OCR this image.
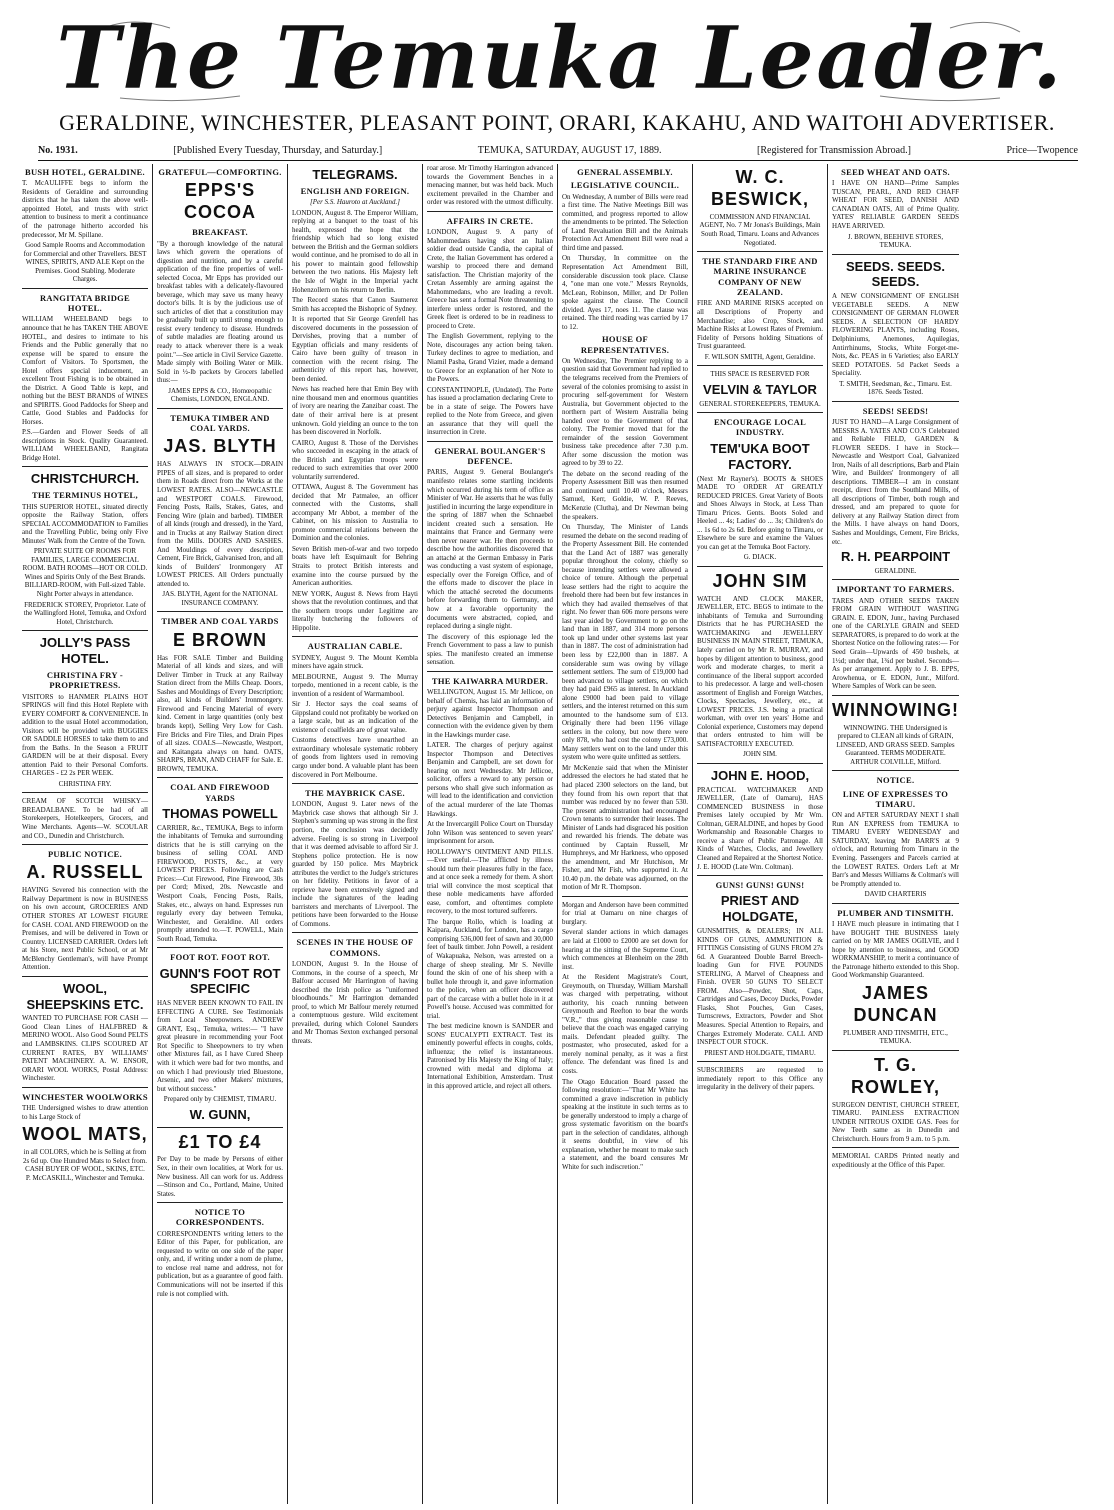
The Temuka Leader.
GERALDINE, WINCHESTER, PLEASANT POINT, ORARI, KAKAHU, AND WAITOHI ADVERTISER.
No. 1931.	[Published Every Tuesday, Thursday, and Saturday.]	TEMUKA, SATURDAY, AUGUST 17, 1889.	[Registered for Transmission Abroad.]	Price—Twopence
BUSH HOTEL, GERALDINE.

T. McAULIFFE begs to inform the Residents of Geraldine and surrounding districts that he has taken the above well-appointed Hotel, and trusts with strict attention to business to merit a continuance of the patronage hitherto accorded his predecessor, Mr M. Spillane.

Good Sample Rooms and Accommodation for Commercial and other Travellers. BEST WINES, SPIRITS, AND ALE Kept on the Premises. Good Stabling. Moderate Charges.

RANGITATA BRIDGE HOTEL.

WILLIAM WHEELBAND begs to announce that he has TAKEN THE ABOVE HOTEL, and desires to intimate to his Friends and the Public generally that no expense will be spared to ensure the Comfort of Visitors. To Sportsmen, the Hotel offers special inducement, an excellent Trout Fishing is to be obtained in the District. A Good Table is kept, and nothing but the BEST BRANDS of WINES and SPIRITS. Good Paddocks for Sheep and Cattle, Good Stables and Paddocks for Horses.

P.S.—Garden and Flower Seeds of all descriptions in Stock. Quality Guaranteed. WILLIAM WHEELBAND, Rangitata Bridge Hotel.

CHRISTCHURCH.
THE TERMINUS HOTEL,

THIS SUPERIOR HOTEL, situated directly opposite the Railway Station, offers SPECIAL ACCOMMODATION to Families and the Travelling Public, being only Five Minutes' Walk from the Centre of the Town.

PRIVATE SUITE OF ROOMS FOR FAMILIES, LARGE COMMERCIAL ROOM. BATH ROOMS—HOT OR COLD. Wines and Spirits Only of the Best Brands. BILLIARD-ROOM, with Full-sized Table. Night Porter always in attendance.

FREDERICK STOREY, Proprietor. Late of the Wallingford Hotel, Temuka, and Oxford Hotel, Christchurch.

JOLLY'S PASS HOTEL.
CHRISTINA FRY - PROPRIETRESS.

VISITORS to HANMER PLAINS HOT SPRINGS will find this Hotel Replete with EVERY COMFORT & CONVENIENCE. In addition to the usual Hotel accommodation, Visitors will be provided with BUGGIES OR SADDLE HORSES to take them to and from the Baths. In the Season a FRUIT GARDEN will be at their disposal. Every attention Paid to their Personal Comforts. CHARGES - £2 2s PER WEEK.

CHRISTINA FRY.

CREAM OF SCOTCH WHISKY—BREADALBANE. To be had of all Storekeepers, Hotelkeepers, Grocers, and Wine Merchants. Agents—W. SCOULAR and CO., Dunedin and Christchurch.

PUBLIC NOTICE.
A. RUSSELL

HAVING Severed his connection with the Railway Department is now in BUSINESS on his own account, GROCERIES AND OTHER STORES AT LOWEST FIGURE for CASH. COAL AND FIREWOOD on the Premises, and will be delivered in Town or Country. LICENSED CARRIER. Orders left at his Store, next Public School, or at Mr McBlenchy Gentleman's, will have Prompt Attention.

WOOL, SHEEPSKINS ETC.

WANTED TO PURCHASE FOR CASH — Good Clean Lines of HALFBRED & MERINO WOOL. Also Good Sound PELTS and LAMBSKINS. CLIPS SCOURED AT CURRENT RATES, BY WILLIAMS' PATENT MACHINERY. A. W. ENSOR, ORARI WOOL WORKS, Postal Address: Winchester.

WINCHESTER WOOLWORKS

THE Undersigned wishes to draw attention to his Large Stock of

WOOL MATS,

in all COLORS, which he is Selling at from 2s 6d up. One Hundred Mats to Select from. CASH BUYER OF WOOL, SKINS, ETC. P. McCASKILL, Winchester and Temuka.

GRATEFUL—COMFORTING.
EPPS'S COCOA
BREAKFAST.

"By a thorough knowledge of the natural laws which govern the operations of digestion and nutrition, and by a careful application of the fine properties of well-selected Cocoa, Mr Epps has provided our breakfast tables with a delicately-flavoured beverage, which may save us many heavy doctor's bills. It is by the judicious use of such articles of diet that a constitution may be gradually built up until strong enough to resist every tendency to disease. Hundreds of subtle maladies are floating around us ready to attack wherever there is a weak point."—See article in Civil Service Gazette. Made simply with Boiling Water or Milk. Sold in ½-lb packets by Grocers labelled thus:—

JAMES EPPS & CO., Homœopathic Chemists, LONDON, ENGLAND.

TEMUKA TIMBER AND COAL YARDS.
JAS. BLYTH

HAS ALWAYS IN STOCK—DRAIN PIPES of all sizes, and is prepared to order them in Roads direct from the Works at the LOWEST RATES. ALSO—NEWCASTLE and WESTPORT COALS. Firewood, Fencing Posts, Rails, Stakes, Gates, and Fencing Wire (plain and barbed). TIMBER of all kinds (rough and dressed), in the Yard, and in Trucks at any Railway Station direct from the Mills. DOORS AND SASHES. And Mouldings of every description, Cement, Fire Brick, Galvanised Iron, and all kinds of Builders' Ironmongery AT LOWEST PRICES. All Orders punctually attended to.

JAS. BLYTH, Agent for the NATIONAL INSURANCE COMPANY.

TIMBER AND COAL YARDS
E BROWN

Has FOR SALE Timber and Building Material of all kinds and sizes, and will Deliver Timber in Truck at any Railway Station direct from the Mills Cheap. Doors, Sashes and Mouldings of Every Description; also, all kinds of Builders' Ironmongery. Firewood and Fencing Material of every kind. Cement in large quantities (only best brands kept), Selling Very Low for Cash. Fire Bricks and Fire Tiles, and Drain Pipes of all sizes. COALS—Newcastle, Westport, and Kaitangata always on hand. OATS, SHARPS, BRAN, AND CHAFF for Sale. E. BROWN, TEMUKA.

COAL AND FIREWOOD YARDS
THOMAS POWELL

CARRIER, &c., TEMUKA, Begs to inform the inhabitants of Temuka and surrounding districts that he is still carrying on the business of selling COAL AND FIREWOOD, POSTS, &c., at very LOWEST PRICES. Following are Cash Prices:—Cut Firewood, Pine Firewood, 30s per Cord; Mixed, 20s. Newcastle and Westport Coals, Fencing Posts, Rails, Stakes, etc., always on hand. Expresses run regularly every day between Temuka, Winchester, and Geraldine. All orders promptly attended to.—T. POWELL, Main South Road, Temuka.

FOOT ROT. FOOT ROT.
GUNN'S FOOT ROT SPECIFIC

HAS NEVER BEEN KNOWN TO FAIL IN EFFECTING A CURE. See Testimonials from Local Sheepowners. ANDREW GRANT, Esq., Temuka, writes:— "I have great pleasure in recommending your Foot Rot Specific to Sheepowners to try when other Mixtures fail, as I have Cured Sheep with it which were bad for two months, and on which I had previously tried Bluestone, Arsenic, and two other Makers' mixtures, but without success."

Prepared only by CHEMIST, TIMARU.

W. GUNN,
£1 TO £4

Per Day to be made by Persons of either Sex, in their own localities, at Work for us. New business. All can work for us. Address—Stinson and Co., Portland, Maine, United States.

NOTICE TO CORRESPONDENTS.

CORRESPONDENTS writing letters to the Editor of this Paper, for publication, are requested to write on one side of the paper only, and, if writing under a nom de plume, to enclose real name and address, not for publication, but as a guarantee of good faith. Communications will not be inserted if this rule is not complied with.

TELEGRAMS.
ENGLISH AND FOREIGN.

[Per S.S. Hauroto at Auckland.]

LONDON, August 8. The Emperor William, replying at a banquet to the toast of his health, expressed the hope that the friendship which had so long existed between the British and the German soldiers would continue, and he promised to do all in his power to maintain good fellowship between the two nations. His Majesty left the Isle of Wight in the Imperial yacht Hohenzollern on his return to Berlin.

The Record states that Canon Saumerez Smith has accepted the Bishopric of Sydney.

It is reported that Sir George Grenfell has discovered documents in the possession of Dervishes, proving that a number of Egyptian officials and many residents of Cairo have been guilty of treason in connection with the recent rising. The authenticity of this report has, however, been denied.

News has reached here that Emin Bey with nine thousand men and enormous quantities of ivory are nearing the Zanzibar coast. The date of their arrival here is at present unknown. Gold yielding an ounce to the ton has been discovered in Norfolk.

CAIRO, August 8. Those of the Dervishes who succeeded in escaping in the attack of the British and Egyptian troops were reduced to such extremities that over 2000 voluntarily surrendered.

OTTAWA, August 8. The Government has decided that Mr Patmalee, an officer connected with the Customs, shall accompany Mr Abbot, a member of the Cabinet, on his mission to Australia to promote commercial relations between the Dominion and the colonies.

Seven British men-of-war and two torpedo boats have left Esquimault for Behring Straits to protect British interests and examine into the course pursued by the American authorities.

NEW YORK, August 8. News from Hayti shows that the revolution continues, and that the southern troops under Legitime are literally butchering the followers of Hippolite.

AUSTRALIAN CABLE.

SYDNEY, August 9. The Mount Kembla miners have again struck.

MELBOURNE, August 9. The Murray torpedo, mentioned in a recent cable, is the invention of a resident of Warrnambool.

Sir J. Hector says the coal seams of Gippsland could not profitably be worked on a large scale, but as an indication of the existence of coalfields are of great value.

Customs detectives have unearthed an extraordinary wholesale systematic robbery of goods from lighters used in removing cargo under bond. A valuable plant has been discovered in Port Melbourne.

THE MAYBRICK CASE.

LONDON, August 9. Later news of the Maybrick case shows that although Sir J. Stephen's summing up was strong in the first portion, the conclusion was decidedly adverse. Feeling is so strong in Liverpool that it was deemed advisable to afford Sir J. Stephens police protection. He is now guarded by 150 police. Mrs Maybrick attributes the verdict to the Judge's strictures on her fidelity. Petitions in favor of a reprieve have been extensively signed and include the signatures of the leading barristers and merchants of Liverpool. The petitions have been forwarded to the House of Commons.

SCENES IN THE HOUSE OF COMMONS.

LONDON, August 9. In the House of Commons, in the course of a speech, Mr Balfour accused Mr Harrington of having described the Irish police as "uniformed bloodhounds." Mr Harrington demanded proof, to which Mr Balfour merely returned a contemptuous gesture. Wild excitement prevailed, during which Colonel Saunders and Mr Thomas Sexton exchanged personal threats.

roar arose. Mr Timothy Harrington advanced towards the Government Benches in a menacing manner, but was held back. Much excitement prevailed in the Chamber and order was restored with the utmost difficulty.

AFFAIRS IN CRETE.

LONDON, August 9. A party of Mahommedans having shot an Italian soldier dead outside Candia, the capital of Crete, the Italian Government has ordered a warship to proceed there and demand satisfaction. The Christian majority of the Cretan Assembly are arming against the Mahommedans, who are leading a revolt. Greece has sent a formal Note threatening to interfere unless order is restored, and the Greek fleet is ordered to be in readiness to proceed to Crete.

The English Government, replying to the Note, discourages any action being taken. Turkey declines to agree to mediation, and Niamil Pasha, Grand Vizier, made a demand to Greece for an explanation of her Note to the Powers.

CONSTANTINOPLE, (Undated). The Porte has issued a proclamation declaring Crete to be in a state of seige. The Powers have replied to the Note from Greece, and given an assurance that they will quell the insurrection in Crete.

GENERAL BOULANGER'S DEFENCE.

PARIS, August 9. General Boulanger's manifesto relates some startling incidents which occurred during his term of office as Minister of War. He asserts that he was fully justified in incurring the large expenditure in the spring of 1887 when the Schnaebel incident created such a sensation. He maintains that France and Germany were then never nearer war. He then proceeds to describe how the authorities discovered that an attaché at the German Embassy in Paris was conducting a vast system of espionage, especially over the Foreign Office, and of the efforts made to discover the place in which the attaché secreted the documents before forwarding them to Germany, and how at a favorable opportunity the documents were abstracted, copied, and replaced during a single night.

The discovery of this espionage led the French Government to pass a law to punish spies. The manifesto created an immense sensation.

THE KAIWARRA MURDER.

WELLINGTON, August 15. Mr Jellicoe, on behalf of Chemis, has laid an information of perjury against Inspector Thompson and Detectives Benjamin and Campbell, in connection with the evidence given by them in the Hawkings murder case.

LATER. The charges of perjury against Inspector Thompson and Detectives Benjamin and Campbell, are set down for hearing on next Wednesday. Mr Jellicoe, solicitor, offers a reward to any person or persons who shall give such information as will lead to the identification and conviction of the actual murderer of the late Thomas Hawkings.

At the Invercargill Police Court on Thursday John Wilson was sentenced to seven years' imprisonment for arson.

HOLLOWAY'S OINTMENT AND PILLS.—Ever useful.—The afflicted by illness should turn their pleasures fully in the face, and at once seek a remedy for them. A short trial will convince the most sceptical that these noble medicaments have afforded ease, comfort, and oftentimes complete recovery, to the most tortured sufferers.

The barque Rollo, which is loading at Kaipara, Auckland, for London, has a cargo comprising 536,000 feet of sawn and 30,000 feet of baulk timber. John Powell, a resident of Wakapuaka, Nelson, was arrested on a charge of sheep stealing. Mr S. Neville found the skin of one of his sheep with a bullet hole through it, and gave information to the police, when an officer discovered part of the carcase with a bullet hole in it at Powell's house. Accused was committed for trial.

The best medicine known is SANDER and SONS' EUCALYPTI EXTRACT. Test its eminently powerful effects in coughs, colds, influenza; the relief is instantaneous. Patronised by His Majesty the King of Italy; crowned with medal and diploma at International Exhibition, Amsterdam. Trust in this approved article, and reject all others.

GENERAL ASSEMBLY.
LEGISLATIVE COUNCIL.

On Wednesday, A number of Bills were read a first time. The Native Meetings Bill was committed, and progress reported to allow the amendments to be printed. The Selection of Land Revaluation Bill and the Animals Protection Act Amendment Bill were read a third time and passed.

On Thursday, In committee on the Representation Act Amendment Bill, considerable discussion took place. Clause 4, "one man one vote." Messrs Reynolds, McLean, Robinson, Miller, and Dr Pollen spoke against the clause. The Council divided. Ayes 17, noes 11. The clause was retained. The third reading was carried by 17 to 12.

HOUSE OF REPRESENTATIVES.

On Wednesday, The Premier replying to a question said that Government had replied to the telegrams received from the Premiers of several of the colonies promising to assist in procuring self-government for Western Australia, but Government objected to the northern part of Western Australia being handed over to the Government of that colony. The Premier moved that for the remainder of the session Government business take precedence after 7.30 p.m. After some discussion the motion was agreed to by 39 to 22.

The debate on the second reading of the Property Assessment Bill was then resumed and continued until 10.40 o'clock, Messrs Samuel, Kerr, Goldie, W. P. Reeves, McKenzie (Clutha), and Dr Newman being the speakers.

On Thursday, The Minister of Lands resumed the debate on the second reading of the Property Assessment Bill. He contended that the Land Act of 1887 was generally popular throughout the colony, chiefly so because intending settlers were allowed a choice of tenure. Although the perpetual lease settlers had the right to acquire the freehold there had been but few instances in which they had availed themselves of that right. No fewer than 606 more persons were last year aided by Government to go on the land than in 1887, and 314 more persons took up land under other systems last year than in 1887. The cost of administration had been less by £22,000 than in 1887. A considerable sum was owing by village settlement settlers. The sum of £19,000 had been advanced to village settlers, on which they had paid £965 as interest. In Auckland alone £9000 had been paid to village settlers, and the interest returned on this sum amounted to the handsome sum of £13. Originally there had been 1196 village settlers in the colony, but now there were only 878, who had cost the colony £73,000. Many settlers went on to the land under this system who were quite unfitted as settlers.

Mr McKenzie said that when the Minister addressed the electors he had stated that he had placed 2300 selectors on the land, but they found from his own report that that number was reduced by no fewer than 530. The present administration had encouraged Crown tenants to surrender their leases. The Minister of Lands had disgraced his position and rewarded his friends. The debate was continued by Captain Russell, Mr Humphreys, and Mr Harkness, who opposed the amendment, and Mr Hutchison, Mr Fisher, and Mr Fish, who supported it. At 10.40 p.m. the debate was adjourned, on the motion of Mr R. Thompson.

Morgan and Anderson have been committed for trial at Oamaru on nine charges of burglary.

Several slander actions in which damages are laid at £1000 to £2000 are set down for hearing at the sitting of the Supreme Court, which commences at Blenheim on the 28th inst.

At the Resident Magistrate's Court, Greymouth, on Thursday, William Marshall was charged with perpetrating, without authority, his coach running between Greymouth and Reefton to bear the words "V.R.," thus giving reasonable cause to believe that the coach was engaged carrying mails. Defendant pleaded guilty. The postmaster, who prosecuted, asked for a merely nominal penalty, as it was a first offence. The defendant was fined 1s and costs.

The Otago Education Board passed the following resolution:—"That Mr White has committed a grave indiscretion in publicly speaking at the institute in such terms as to be generally understood to imply a charge of gross systematic favoritism on the board's part in the selection of candidates, although it seems doubtful, in view of his explanation, whether he meant to make such a statement, and the board censures Mr White for such indiscretion."

W. C. BESWICK,

COMMISSION AND FINANCIAL AGENT, No. 7 Mr Jonas's Buildings, Main South Road, Timaru. Loans and Advances Negotiated.

THE STANDARD FIRE AND MARINE INSURANCE COMPANY OF NEW ZEALAND.

FIRE AND MARINE RISKS accepted on all Descriptions of Property and Merchandise; also Crop, Stock, and Machine Risks at Lowest Rates of Premium. Fidelity of Persons holding Situations of Trust guaranteed.

F. WILSON SMITH, Agent, Geraldine.

THIS SPACE IS RESERVED FOR

VELVIN & TAYLOR

GENERAL STOREKEEPERS, TEMUKA.

ENCOURAGE LOCAL INDUSTRY.
TEM'UKA BOOT FACTORY.

(Next Mr Rayner's). BOOTS & SHOES MADE TO ORDER AT GREATLY REDUCED PRICES. Great Variety of Boots and Shoes Always in Stock, at Less Than Timaru Prices. Gents. Boots Soled and Heeled ... 4s; Ladies' do ... 3s; Children's do ... 1s 6d to 2s 6d. Before going to Timaru, or Elsewhere be sure and examine the Values you can get at the Temuka Boot Factory.

G. DIACK.

JOHN SIM

WATCH AND CLOCK MAKER, JEWELLER, ETC. BEGS to intimate to the inhabitants of Temuka and Surrounding Districts that he has PURCHASED the WATCHMAKING and JEWELLERY BUSINESS IN MAIN STREET, TEMUKA, lately carried on by Mr R. MURRAY, and hopes by diligent attention to business, good work and moderate charges, to merit a continuance of the liberal support accorded to his predecessor. A large and well-chosen assortment of English and Foreign Watches, Clocks, Spectacles, Jewellery, etc., at LOWEST PRICES. J.S. being a practical workman, with over ten years' Home and Colonial experience, Customers may depend that orders entrusted to him will be SATISFACTORILY EXECUTED.

JOHN SIM.

JOHN E. HOOD,

PRACTICAL WATCHMAKER AND JEWELLER, (Late of Oamaru), HAS COMMENCED BUSINESS in those Premises lately occupied by Mr Wm. Coltman, GERALDINE, and hopes by Good Workmanship and Reasonable Charges to receive a share of Public Patronage. All Kinds of Watches, Clocks, and Jewellery Cleaned and Repaired at the Shortest Notice. J. E. HOOD (Late Wm. Coltman).

GUNS! GUNS! GUNS!
PRIEST AND HOLDGATE,

GUNSMITHS, & DEALERS; IN ALL KINDS OF GUNS, AMMUNITION & FITTINGS Consisting of GUNS FROM 27s 6d. A Guaranteed Double Barrel Breech-loading Gun for FIVE POUNDS STERLING, A Marvel of Cheapness and Finish. OVER 50 GUNS TO SELECT FROM. Also—Powder, Shot, Caps, Cartridges and Cases, Decoy Ducks, Powder Flasks, Shot Pouches, Gun Cases, Turnscrews, Extractors, Powder and Shot Measures. Special Attention to Repairs, and Charges Extremely Moderate. CALL AND INSPECT OUR STOCK.

PRIEST AND HOLDGATE, TIMARU.

SUBSCRIBERS are requested to immediately report to this Office any irregularity in the delivery of their papers.

SEED WHEAT AND OATS.

I HAVE ON HAND—Prime Samples TUSCAN, PEARL, AND RED CHAFF WHEAT FOR SEED, DANISH AND CANADIAN OATS, All of Prime Quality. YATES' RELIABLE GARDEN SEEDS HAVE ARRIVED.

J. BROWN, BEEHIVE STORES, TEMUKA.

SEEDS. SEEDS. SEEDS.

A NEW CONSIGNMENT OF ENGLISH VEGETABLE SEEDS. A NEW CONSIGNMENT OF GERMAN FLOWER SEEDS. A SELECTION OF HARDY FLOWERING PLANTS, including Roses, Delphiniums, Anemones, Aquilegias, Antirrhinums, Stocks, White Forget-me-Nots, &c. PEAS in 6 Varieties; also EARLY SEED POTATOES. 5d Packet Seeds a Speciality.

T. SMITH, Seedsman, &c., Timaru. Est. 1876. Seeds Tested.

SEEDS! SEEDS!

JUST TO HAND—A Large Consignment of MESSRS A. YATES AND CO.'S Celebrated and Reliable FIELD, GARDEN & FLOWER SEEDS. I have in Stock—Newcastle and Westport Coal, Galvanized Iron, Nails of all descriptions, Barb and Plain Wire, and Builders' Ironmongery of all descriptions. TIMBER—I am in constant receipt, direct from the Southland Mills, of all descriptions of Timber, both rough and dressed, and am prepared to quote for delivery at any Railway Station direct from the Mills. I have always on hand Doors, Sashes and Mouldings, Cement, Fire Bricks, etc.

R. H. PEARPOINT

GERALDINE.

IMPORTANT TO FARMERS.

TARES AND OTHER SEEDS TAKEN FROM GRAIN WITHOUT WASTING GRAIN. E. EDON, Junr., having Purchased one of the CARLYLE GRAIN and SEED SEPARATORS, is prepared to do work at the Shortest Notice on the following rates:— For Seed Grain—Upwards of 450 bushels, at 1½d; under that, 1¾d per bushel. Seconds—As per arrangement. Apply to J. B. EPPS, Arowhenua, or E. EDON, Junr., Milford. Where Samples of Work can be seen.

WINNOWING!

WINNOWING. THE Undersigned is prepared to CLEAN all kinds of GRAIN, LINSEED, AND GRASS SEED. Samples Guaranteed. TERMS MODERATE. ARTHUR COLVILLE, Milford.

NOTICE.
LINE OF EXPRESSES TO TIMARU.

ON and AFTER SATURDAY NEXT I shall Run AN EXPRESS from TEMUKA to TIMARU EVERY WEDNESDAY and SATURDAY, leaving Mr BARR'S at 9 o'clock, and Returning from Timaru in the Evening. Passengers and Parcels carried at the LOWEST RATES. Orders Left at Mr Barr's and Messrs Williams & Coltman's will be Promptly attended to.

DAVID CHARTERIS

PLUMBER AND TINSMITH.

I HAVE much pleasure in intimating that I have BOUGHT THE BUSINESS lately carried on by MR JAMES OGILVIE, and I hope by attention to business, and GOOD WORKMANSHIP, to merit a continuance of the Patronage hitherto extended to this Shop. Good Workmanship Guaranteed.

JAMES DUNCAN

PLUMBER AND TINSMITH, ETC., TEMUKA.

T. G. ROWLEY,

SURGEON DENTIST, CHURCH STREET, TIMARU. PAINLESS EXTRACTION UNDER NITROUS OXIDE GAS. Fees for New Teeth same as in Dunedin and Christchurch. Hours from 9 a.m. to 5 p.m.

MEMORIAL CARDS Printed neatly and expeditiously at the Office of this Paper.
